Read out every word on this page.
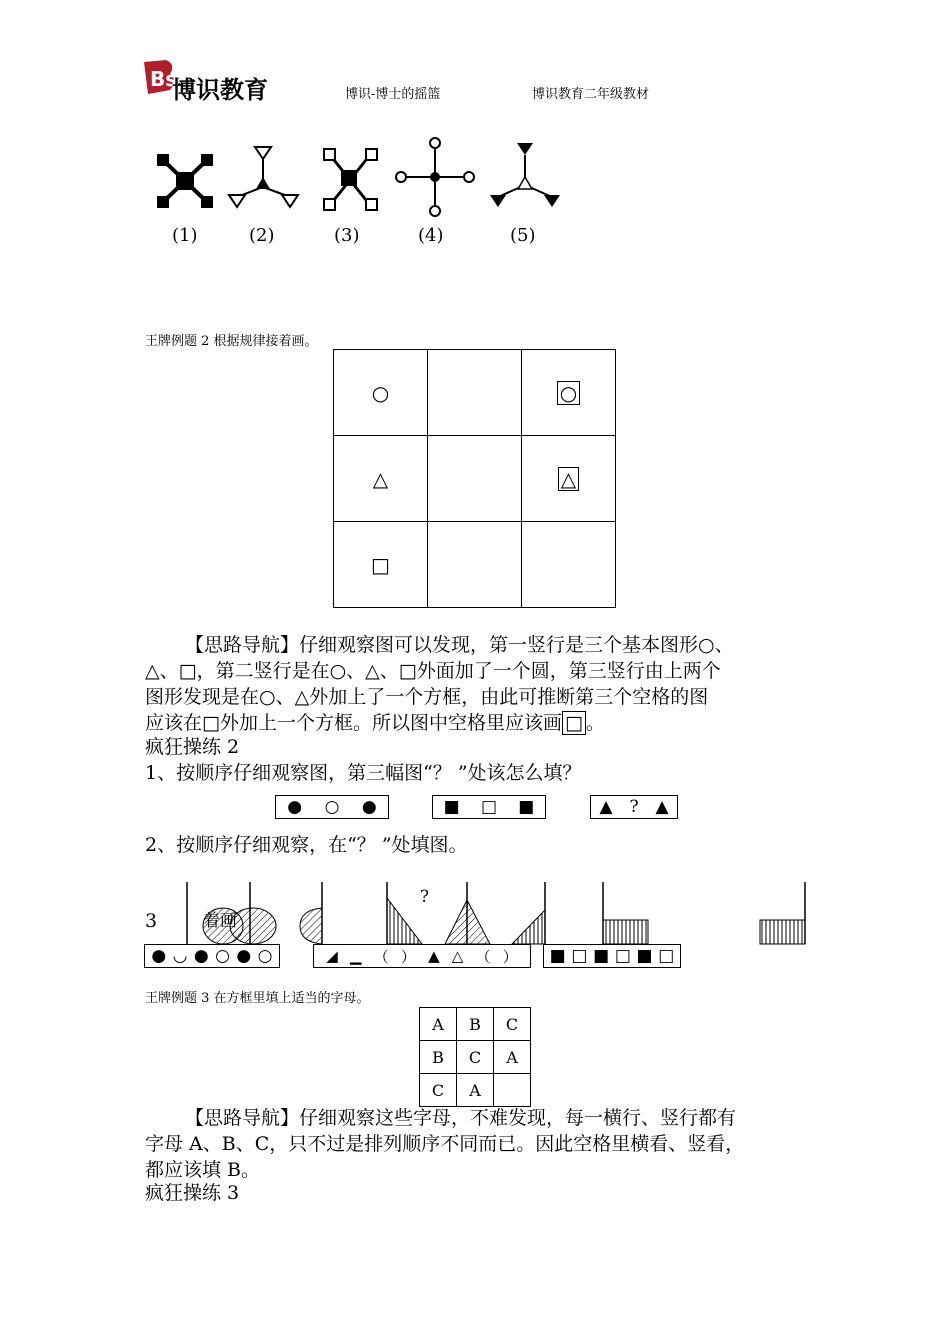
Bs
博识教育	博识-博士的摇篮	博识教育二年级教材
(1)	(2)	(3)	(4)	(5)
王牌例题 2 根据规律接着画。
○		○
△		△
□		
【思路导航】仔细观察图可以发现，第一竖行是三个基本图形○、
△、□，第二竖行是在○、△、□外面加了一个圆，第三竖行由上两个
图形发现是在○、△外加上了一个方框，由此可推断第三个空格的图
应该在□外加上一个方框。所以图中空格里应该画 □ 。
疯狂操练 2
1、按顺序仔细观察图，第三幅图“？ ”处该怎么填？
● ○ ●	■ □ ■	▲ ? ▲
2、按顺序仔细观察，在“？ ”处填图。
?
3	着画
● ◡ ● ○ ● ○	◢ ▁ （ ） ▲ △ （ ） ■ □ ■ □ ■ □
王牌例题 3 在方框里填上适当的字母。
A	B	C
B	C	A
C	A	
【思路导航】仔细观察这些字母，不难发现，每一横行、竖行都有
字母 A、B、C，只不过是排列顺序不同而已。因此空格里横看、竖看，
都应该填 B。
疯狂操练 3
